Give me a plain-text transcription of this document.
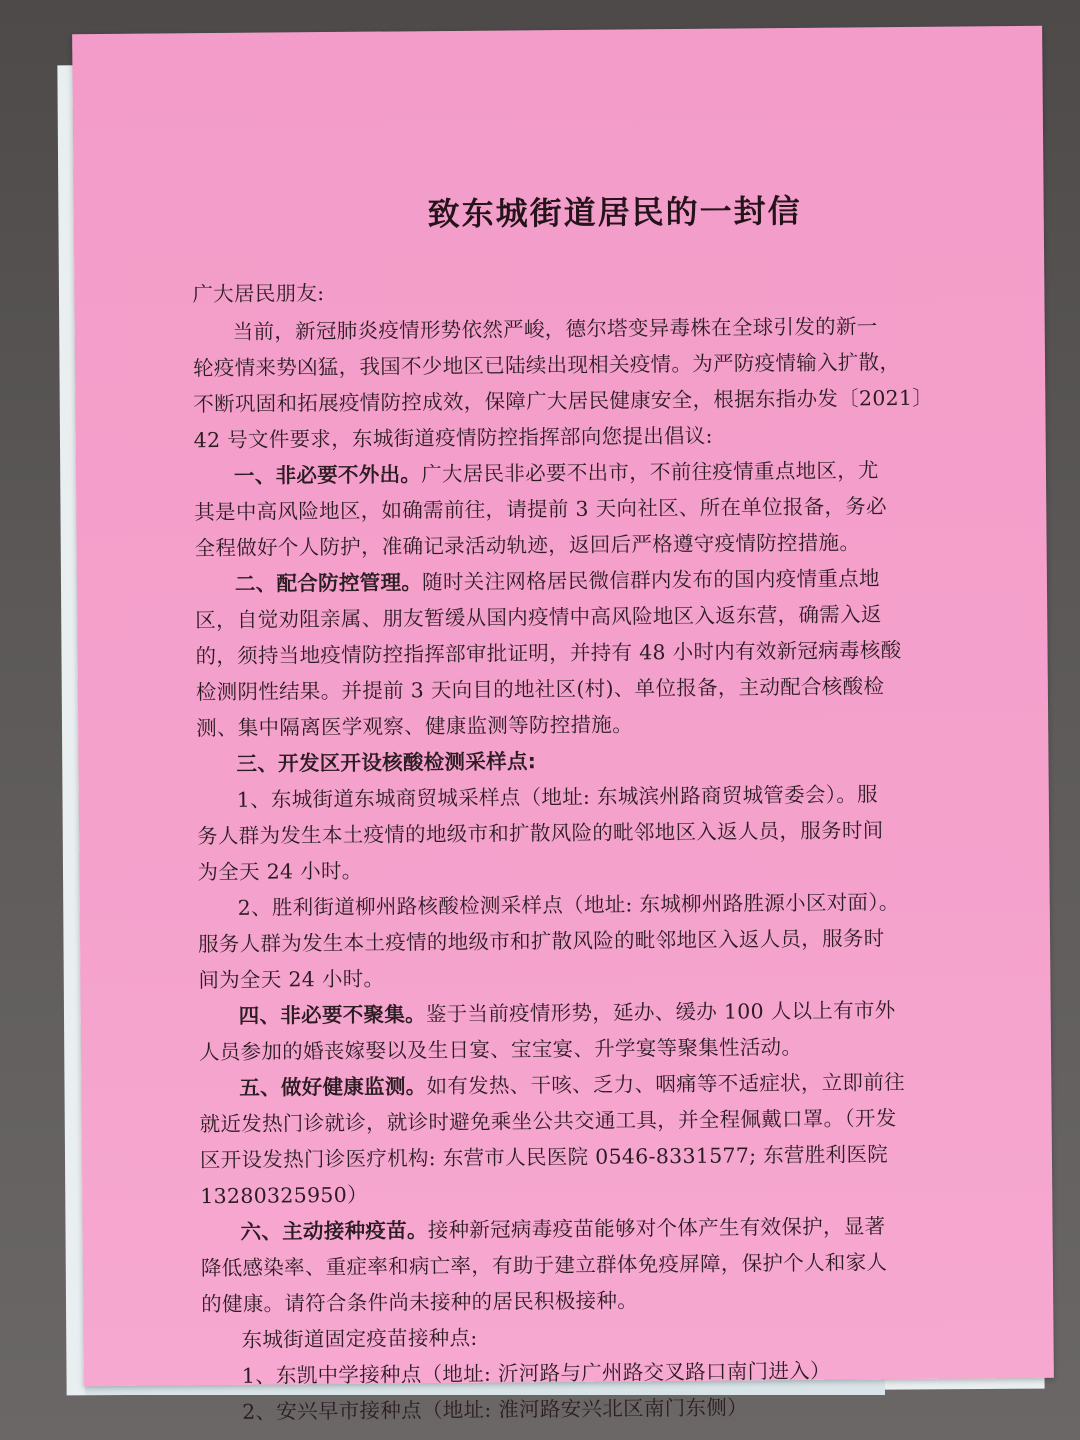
致东城街道居民的一封信
广大居民朋友:
当前，新冠肺炎疫情形势依然严峻，德尔塔变异毒株在全球引发的新一
轮疫情来势凶猛，我国不少地区已陆续出现相关疫情。为严防疫情输入扩散，
不断巩固和拓展疫情防控成效，保障广大居民健康安全，根据东指办发〔2021〕
42 号文件要求，东城街道疫情防控指挥部向您提出倡议:
一、非必要不外出。广大居民非必要不出市，不前往疫情重点地区，尤
其是中高风险地区，如确需前往，请提前 3 天向社区、所在单位报备，务必
全程做好个人防护，准确记录活动轨迹，返回后严格遵守疫情防控措施。
二、配合防控管理。随时关注网格居民微信群内发布的国内疫情重点地
区，自觉劝阻亲属、朋友暂缓从国内疫情中高风险地区入返东营，确需入返
的，须持当地疫情防控指挥部审批证明，并持有 48 小时内有效新冠病毒核酸
检测阴性结果。并提前 3 天向目的地社区(村)、单位报备，主动配合核酸检
测、集中隔离医学观察、健康监测等防控措施。
三、开发区开设核酸检测采样点:
1、东城街道东城商贸城采样点（地址: 东城滨州路商贸城管委会）。服
务人群为发生本土疫情的地级市和扩散风险的毗邻地区入返人员，服务时间
为全天 24 小时。
2、胜利街道柳州路核酸检测采样点（地址: 东城柳州路胜源小区对面）。
服务人群为发生本土疫情的地级市和扩散风险的毗邻地区入返人员，服务时
间为全天 24 小时。
四、非必要不聚集。鉴于当前疫情形势，延办、缓办 100 人以上有市外
人员参加的婚丧嫁娶以及生日宴、宝宝宴、升学宴等聚集性活动。
五、做好健康监测。如有发热、干咳、乏力、咽痛等不适症状，立即前往
就近发热门诊就诊，就诊时避免乘坐公共交通工具，并全程佩戴口罩。（开发
区开设发热门诊医疗机构: 东营市人民医院 0546-8331577; 东营胜利医院
13280325950）
六、主动接种疫苗。接种新冠病毒疫苗能够对个体产生有效保护，显著
降低感染率、重症率和病亡率，有助于建立群体免疫屏障，保护个人和家人
的健康。请符合条件尚未接种的居民积极接种。
东城街道固定疫苗接种点:
1、东凯中学接种点（地址: 沂河路与广州路交叉路口南门进入）
2、安兴早市接种点（地址: 淮河路安兴北区南门东侧）
